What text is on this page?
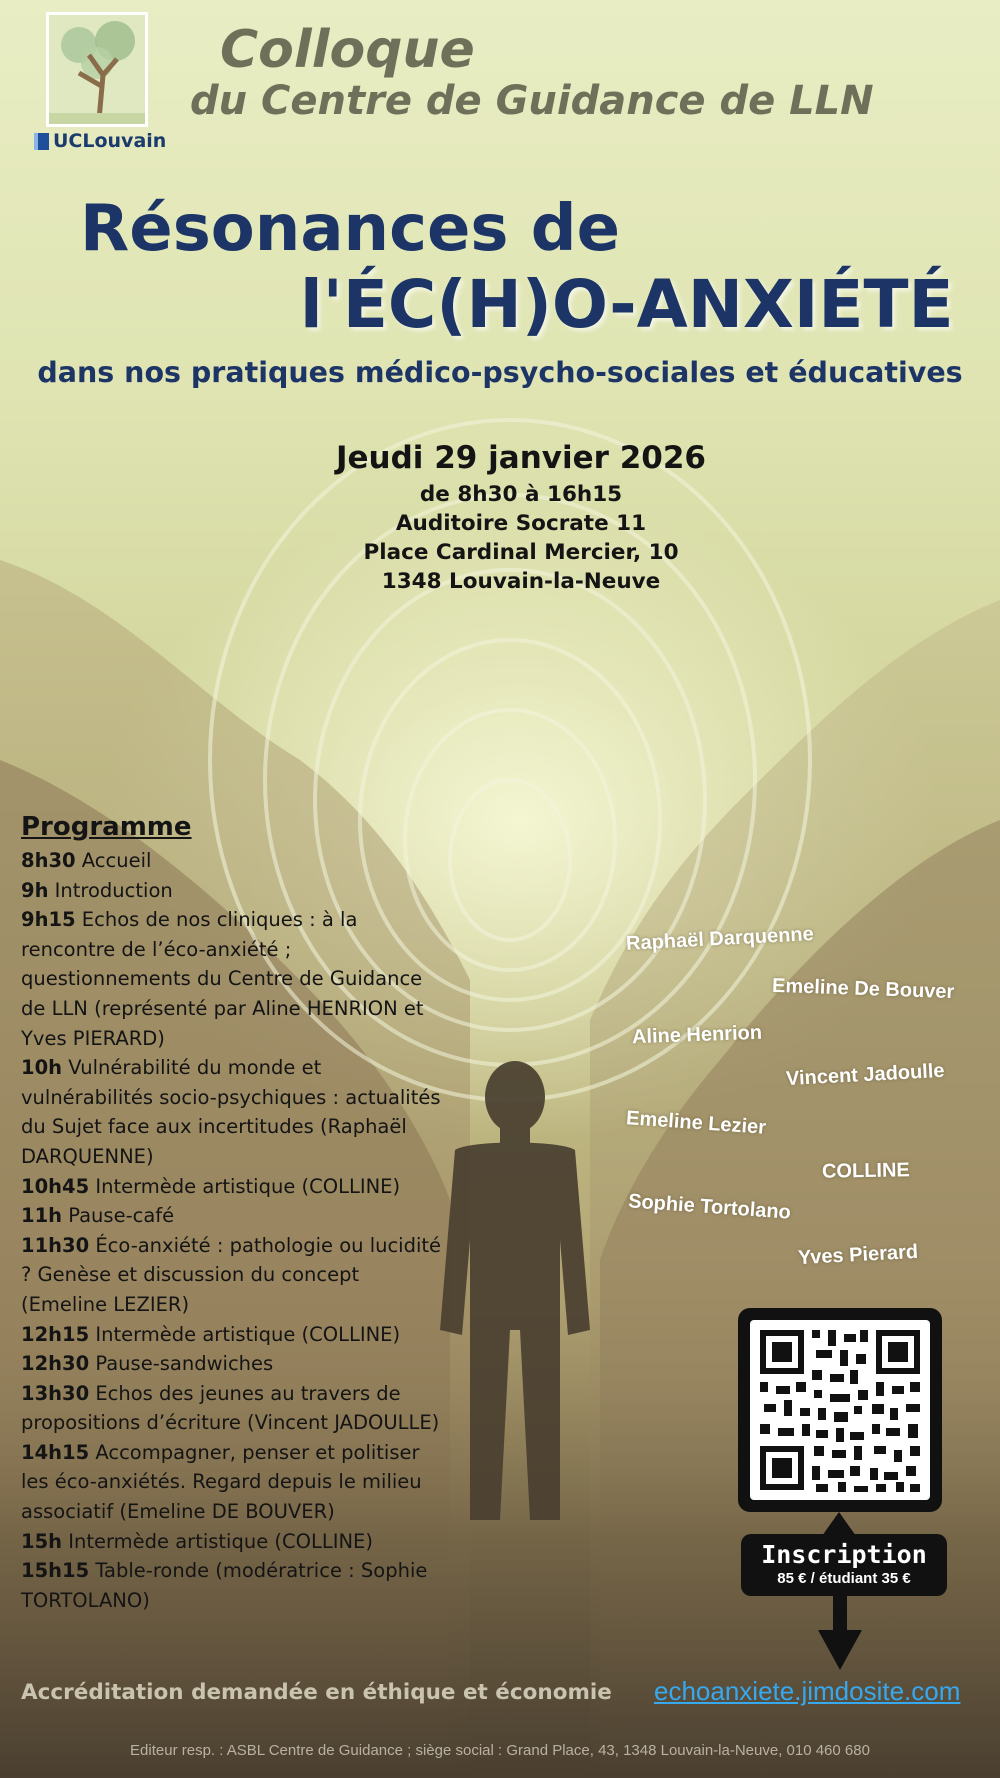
UCLouvain
Colloque
du Centre de Guidance de LLN
Résonances de
l'ÉC(H)O-ANXIÉTÉ
dans nos pratiques médico-psycho-sociales et éducatives
Jeudi 29 janvier 2026
de 8h30 à 16h15
Auditoire Socrate 11
Place Cardinal Mercier, 10
1348 Louvain-la-Neuve
Programme
8h30 Accueil
9h Introduction
9h15 Echos de nos cliniques : à la rencontre de l’éco-anxiété ; questionnements du Centre de Guidance de LLN (représenté par Aline HENRION et Yves PIERARD)
10h Vulnérabilité du monde et vulnérabilités socio-psychiques : actualités du Sujet face aux incertitudes (Raphaël DARQUENNE)
10h45 Intermède artistique (COLLINE)
11h Pause-café
11h30 Éco-anxiété : pathologie ou lucidité ? Genèse et discussion du concept (Emeline LEZIER)
12h15 Intermède artistique (COLLINE)
12h30 Pause-sandwiches
13h30 Echos des jeunes au travers de propositions d’écriture (Vincent JADOULLE)
14h15 Accompagner, penser et politiser les éco-anxiétés. Regard depuis le milieu associatif (Emeline DE BOUVER)
15h Intermède artistique (COLLINE)
15h15 Table-ronde (modératrice : Sophie TORTOLANO)
Raphaël Darquenne
Emeline De Bouver
Aline Henrion
Vincent Jadoulle
Emeline Lezier
COLLINE
Sophie Tortolano
Yves Pierard
Inscription
85 € / étudiant 35 €
Accréditation demandée en éthique et économie echoanxiete.jimdosite.com
Editeur resp. : ASBL Centre de Guidance ; siège social : Grand Place, 43, 1348 Louvain-la-Neuve, 010 460 680
